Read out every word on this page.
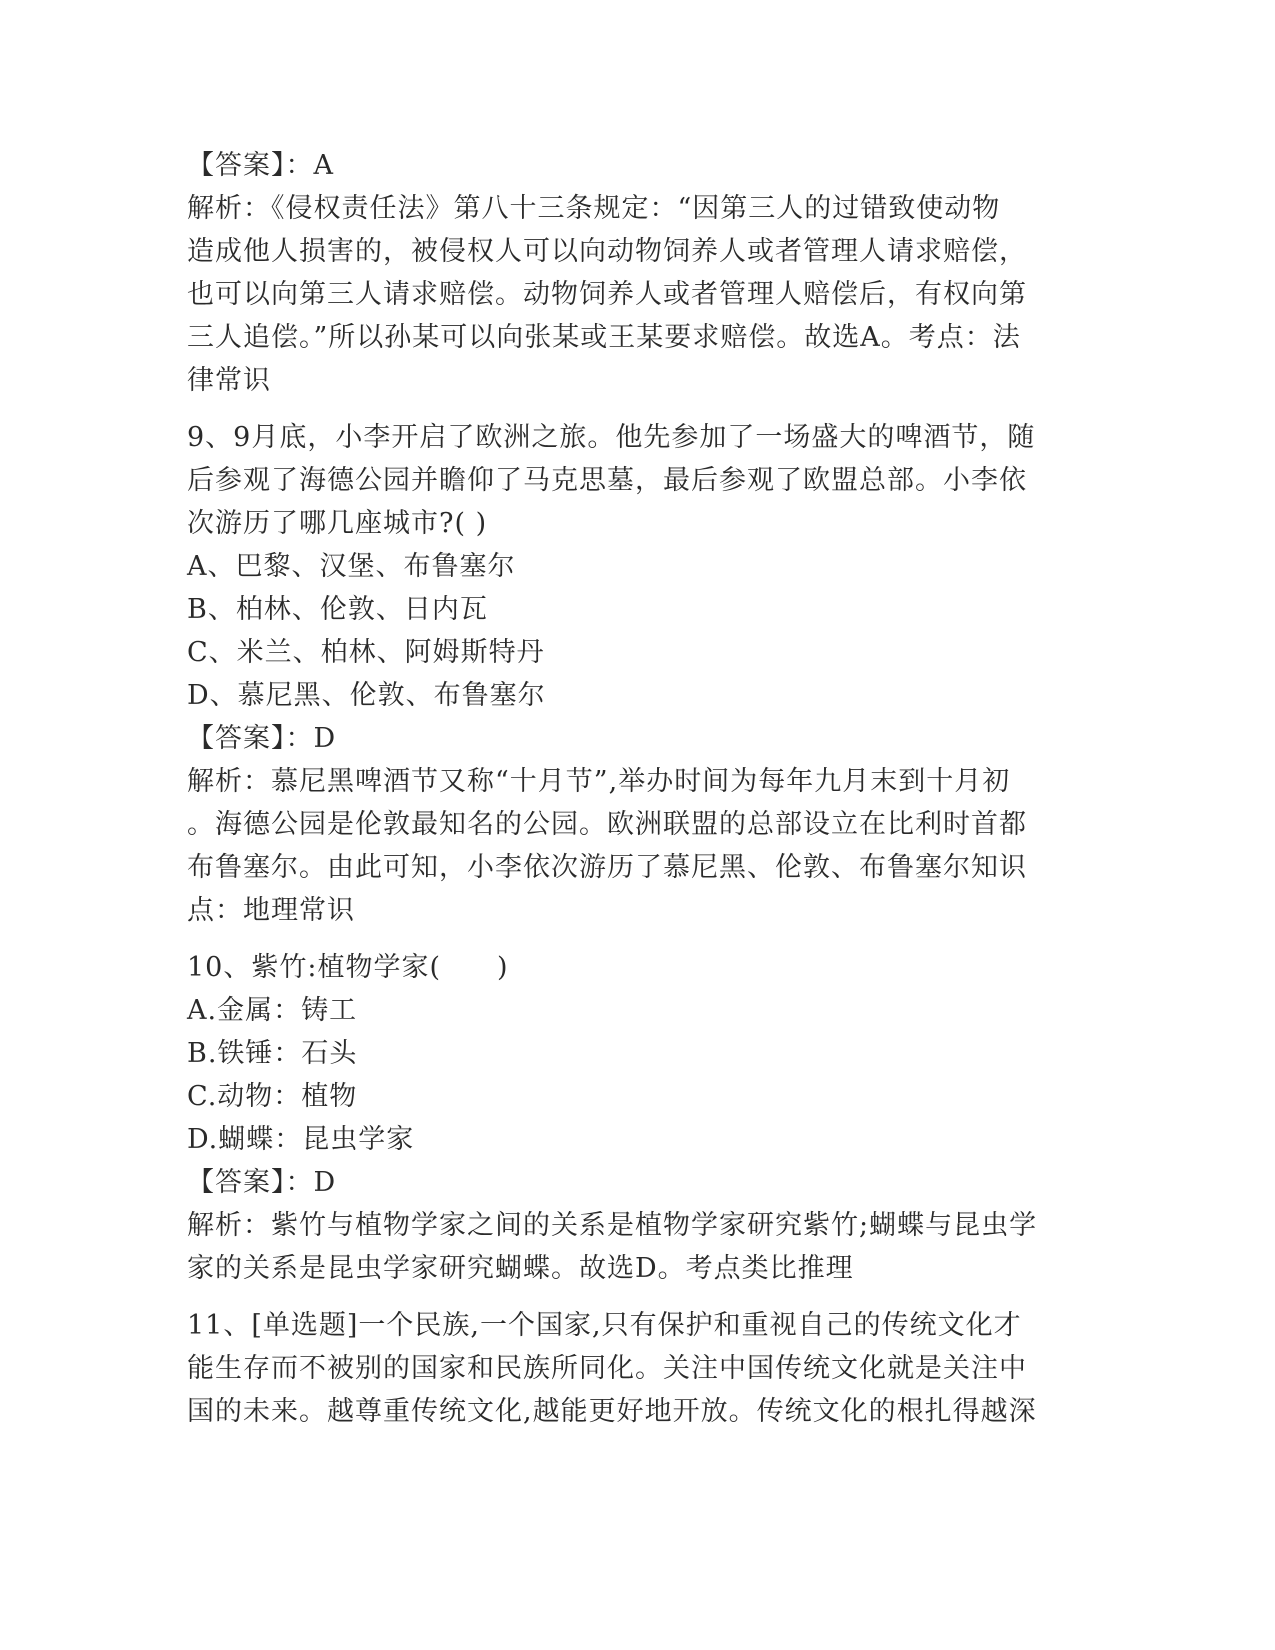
【答案】：A
解析：《侵权责任法》第八十三条规定：“因第三人的过错致使动物
造成他人损害的，被侵权人可以向动物饲养人或者管理人请求赔偿，
也可以向第三人请求赔偿。动物饲养人或者管理人赔偿后，有权向第
三人追偿。”所以孙某可以向张某或王某要求赔偿。故选A。考点：法
律常识
9、9月底，小李开启了欧洲之旅。他先参加了一场盛大的啤酒节，随
后参观了海德公园并瞻仰了马克思墓，最后参观了欧盟总部。小李依
次游历了哪几座城市?( )
A、巴黎、汉堡、布鲁塞尔
B、柏林、伦敦、日内瓦
C、米兰、柏林、阿姆斯特丹
D、慕尼黑、伦敦、布鲁塞尔
【答案】：D
解析：慕尼黑啤酒节又称“十月节”,举办时间为每年九月末到十月初
。海德公园是伦敦最知名的公园。欧洲联盟的总部设立在比利时首都
布鲁塞尔。由此可知，小李依次游历了慕尼黑、伦敦、布鲁塞尔知识
点：地理常识
10、紫竹:植物学家(　　)
A.金属：铸工
B.铁锤：石头
C.动物：植物
D.蝴蝶：昆虫学家
【答案】：D
解析：紫竹与植物学家之间的关系是植物学家研究紫竹;蝴蝶与昆虫学
家的关系是昆虫学家研究蝴蝶。故选D。考点类比推理
11、[单选题]一个民族,一个国家,只有保护和重视自己的传统文化才
能生存而不被别的国家和民族所同化。关注中国传统文化就是关注中
国的未来。越尊重传统文化,越能更好地开放。传统文化的根扎得越深
